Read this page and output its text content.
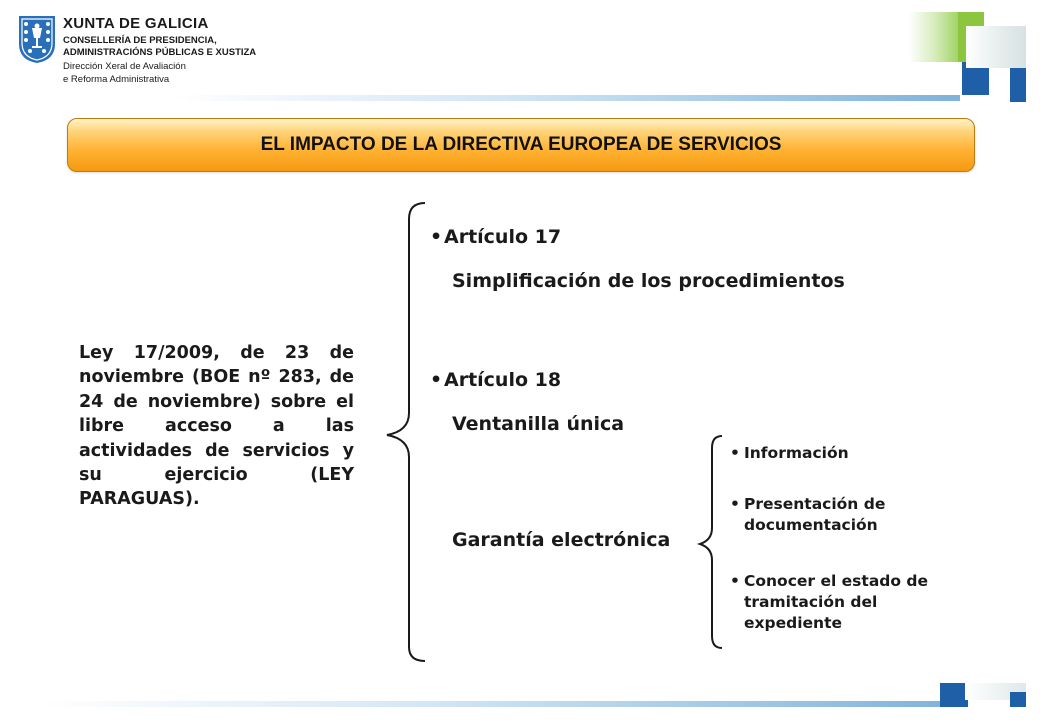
XUNTA DE GALICIA
CONSELLERÍA DE PRESIDENCIA,
ADMINISTRACIÓNS PÚBLICAS E XUSTIZA
Dirección Xeral de Avaliación
e Reforma Administrativa
EL IMPACTO DE LA DIRECTIVA EUROPEA DE SERVICIOS
Ley 17/2009, de 23 de noviembre (BOE nº 283, de 24 de noviembre) sobre el libre acceso a las actividades de servicios y su ejercicio (LEY PARAGUAS).
•Artículo 17
Simplificación de los procedimientos
•Artículo 18
Ventanilla única
Garantía electrónica
• Información
• Presentación de
documentación
• Conocer el estado de
tramitación del
expediente
